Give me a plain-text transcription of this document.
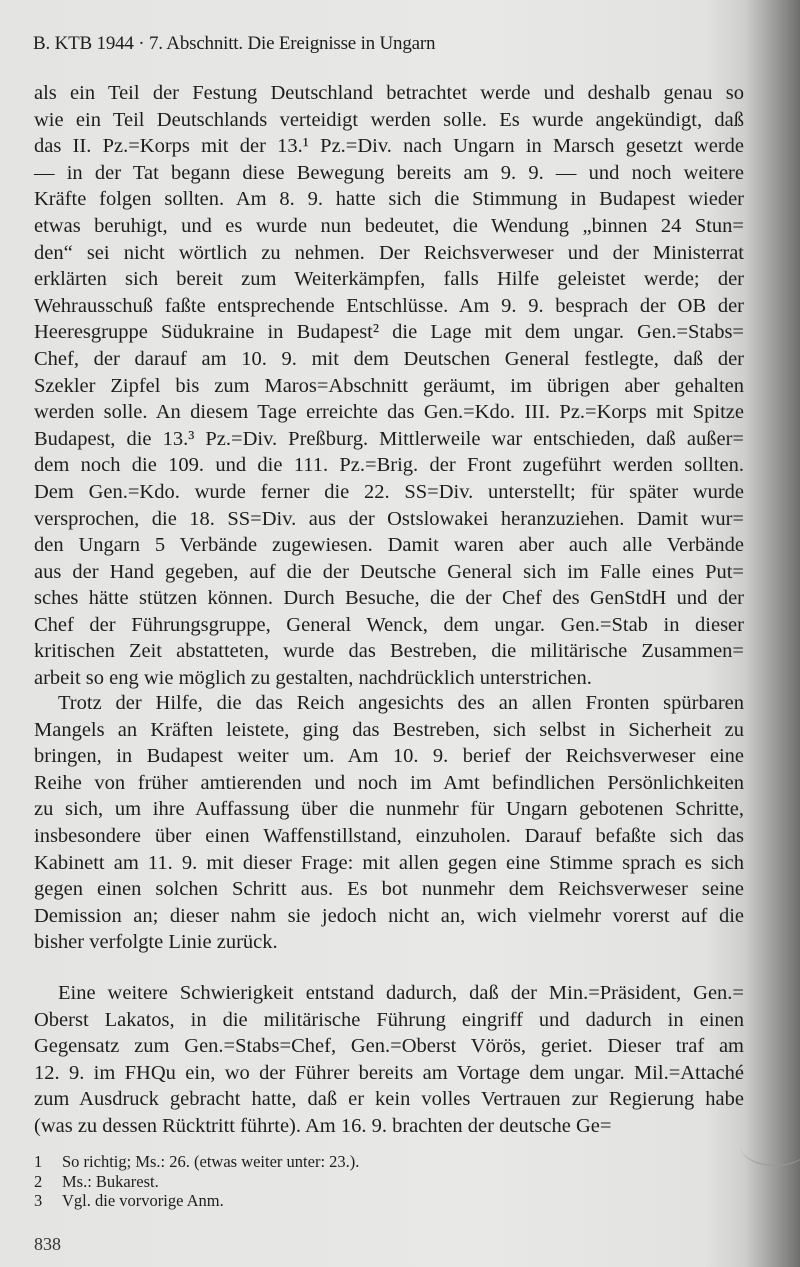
B. KTB 1944 · 7. Abschnitt. Die Ereignisse in Ungarn
als ein Teil der Festung Deutschland betrachtet werde und deshalb genau so
wie ein Teil Deutschlands verteidigt werden solle. Es wurde angekündigt, daß
das II. Pz.=Korps mit der 13.¹ Pz.=Div. nach Ungarn in Marsch gesetzt werde
— in der Tat begann diese Bewegung bereits am 9. 9. — und noch weitere
Kräfte folgen sollten. Am 8. 9. hatte sich die Stimmung in Budapest wieder
etwas beruhigt, und es wurde nun bedeutet, die Wendung „binnen 24 Stun=
den“ sei nicht wörtlich zu nehmen. Der Reichsverweser und der Ministerrat
erklärten sich bereit zum Weiterkämpfen, falls Hilfe geleistet werde; der
Wehrausschuß faßte entsprechende Entschlüsse. Am 9. 9. besprach der OB der
Heeresgruppe Südukraine in Budapest² die Lage mit dem ungar. Gen.=Stabs=
Chef, der darauf am 10. 9. mit dem Deutschen General festlegte, daß der
Szekler Zipfel bis zum Maros=Abschnitt geräumt, im übrigen aber gehalten
werden solle. An diesem Tage erreichte das Gen.=Kdo. III. Pz.=Korps mit Spitze
Budapest, die 13.³ Pz.=Div. Preßburg. Mittlerweile war entschieden, daß außer=
dem noch die 109. und die 111. Pz.=Brig. der Front zugeführt werden sollten.
Dem Gen.=Kdo. wurde ferner die 22. SS=Div. unterstellt; für später wurde
versprochen, die 18. SS=Div. aus der Ostslowakei heranzuziehen. Damit wur=
den Ungarn 5 Verbände zugewiesen. Damit waren aber auch alle Verbände
aus der Hand gegeben, auf die der Deutsche General sich im Falle eines Put=
sches hätte stützen können. Durch Besuche, die der Chef des GenStdH und der
Chef der Führungsgruppe, General Wenck, dem ungar. Gen.=Stab in dieser
kritischen Zeit abstatteten, wurde das Bestreben, die militärische Zusammen=
arbeit so eng wie möglich zu gestalten, nachdrücklich unterstrichen.
Trotz der Hilfe, die das Reich angesichts des an allen Fronten spürbaren
Mangels an Kräften leistete, ging das Bestreben, sich selbst in Sicherheit zu
bringen, in Budapest weiter um. Am 10. 9. berief der Reichsverweser eine
Reihe von früher amtierenden und noch im Amt befindlichen Persönlichkeiten
zu sich, um ihre Auffassung über die nunmehr für Ungarn gebotenen Schritte,
insbesondere über einen Waffenstillstand, einzuholen. Darauf befaßte sich das
Kabinett am 11. 9. mit dieser Frage: mit allen gegen eine Stimme sprach es sich
gegen einen solchen Schritt aus. Es bot nunmehr dem Reichsverweser seine
Demission an; dieser nahm sie jedoch nicht an, wich vielmehr vorerst auf die
bisher verfolgte Linie zurück.
Eine weitere Schwierigkeit entstand dadurch, daß der Min.=Präsident, Gen.=
Oberst Lakatos, in die militärische Führung eingriff und dadurch in einen
Gegensatz zum Gen.=Stabs=Chef, Gen.=Oberst Vörös, geriet. Dieser traf am
12. 9. im FHQu ein, wo der Führer bereits am Vortage dem ungar. Mil.=Attaché
zum Ausdruck gebracht hatte, daß er kein volles Vertrauen zur Regierung habe
(was zu dessen Rücktritt führte). Am 16. 9. brachten der deutsche Ge=
1	So richtig; Ms.: 26. (etwas weiter unter: 23.).
2	Ms.: Bukarest.
3	Vgl. die vorvorige Anm.
838
